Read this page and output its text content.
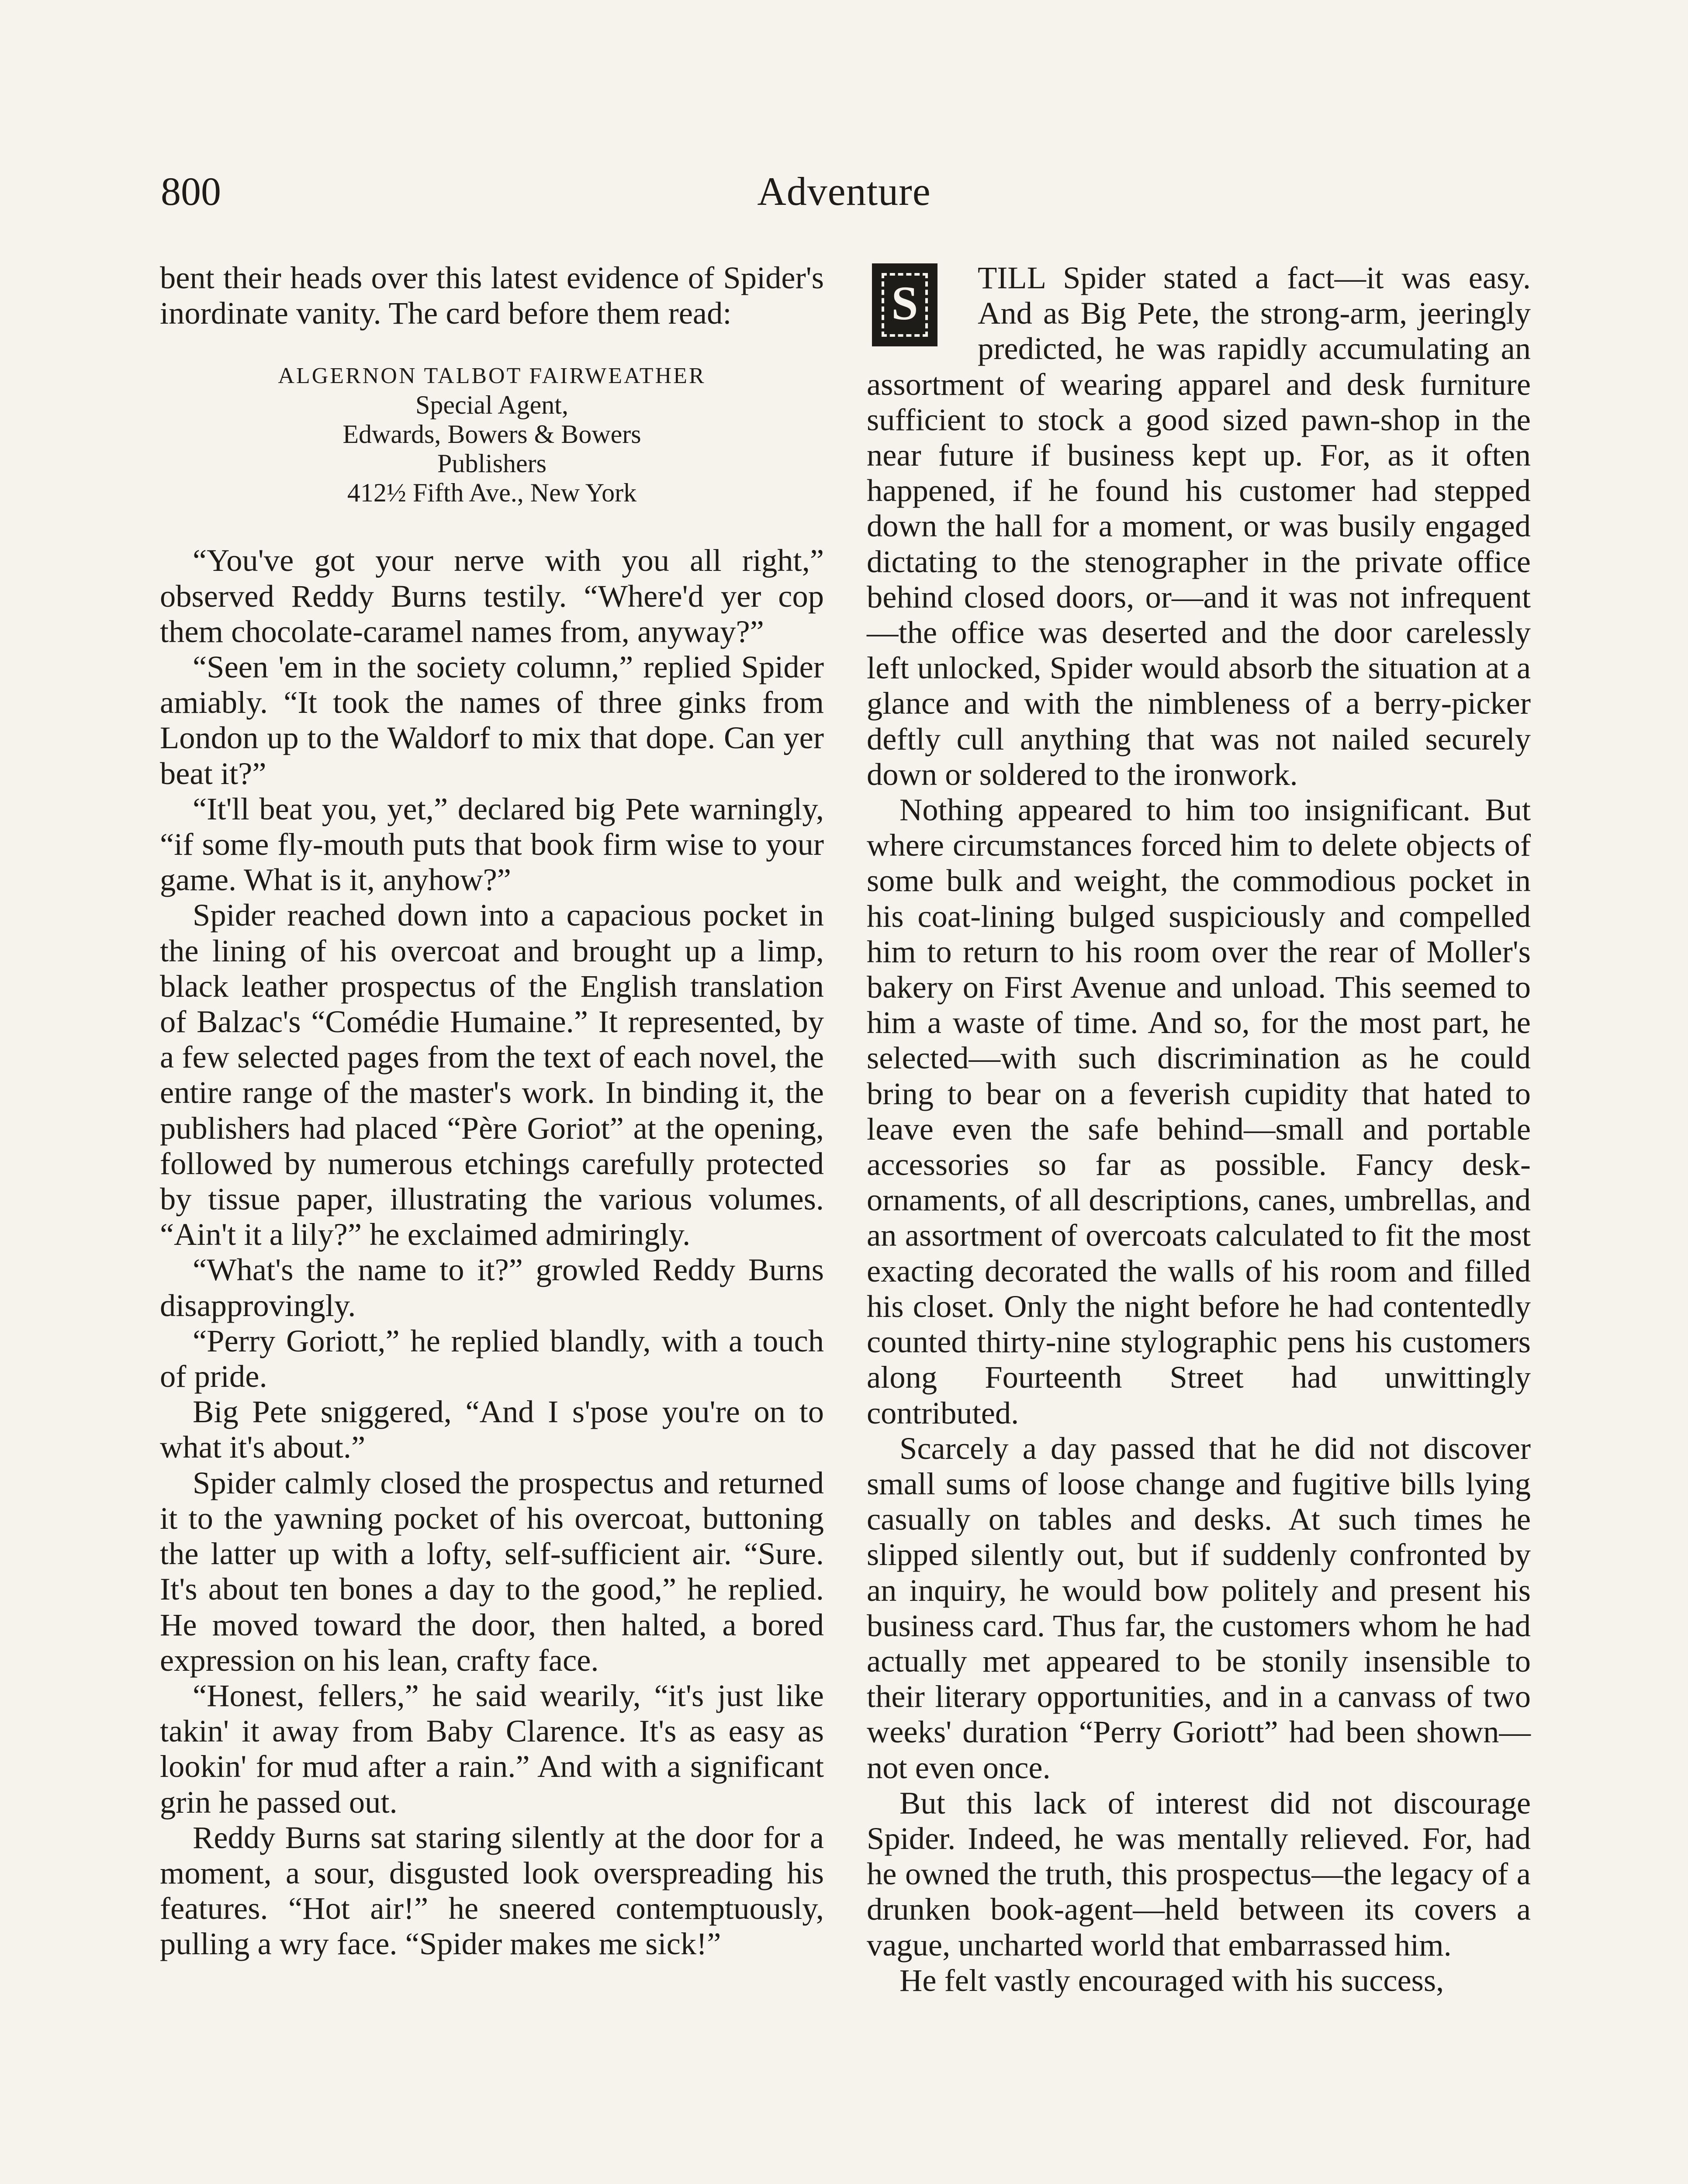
Adventure
800

bent their heads over this latest evidence of Spider's inordinate vanity. The card before them read:

ALGERNON TALBOT FAIRWEATHER
Special Agent,
Edwards, Bowers & Bowers
Publishers
412½ Fifth Ave., New York

“You've got your nerve with you all right,” observed Reddy Burns testily. “Where'd yer cop them chocolate-caramel names from, anyway?”

“Seen 'em in the society column,” replied Spider amiably. “It took the names of three ginks from London up to the Waldorf to mix that dope. Can yer beat it?”

“It'll beat you, yet,” declared big Pete warningly, “if some fly-mouth puts that book firm wise to your game. What is it, anyhow?”

Spider reached down into a capacious pocket in the lining of his overcoat and brought up a limp, black leather prospectus of the English translation of Balzac's “Comédie Humaine.” It represented, by a few selected pages from the text of each novel, the entire range of the master's work. In binding it, the publishers had placed “Père Goriot” at the opening, followed by numerous etchings carefully protected by tissue paper, illustrating the various volumes. “Ain't it a lily?” he exclaimed admiringly.

“What's the name to it?” growled Reddy Burns disapprovingly.

“Perry Goriott,” he replied blandly, with a touch of pride.

Big Pete sniggered, “And I s'pose you're on to what it's about.”

Spider calmly closed the prospectus and returned it to the yawning pocket of his overcoat, buttoning the latter up with a lofty, self-sufficient air. “Sure. It's about ten bones a day to the good,” he replied. He moved toward the door, then halted, a bored expression on his lean, crafty face.

“Honest, fellers,” he said wearily, “it's just like takin' it away from Baby Clarence. It's as easy as lookin' for mud after a rain.” And with a significant grin he passed out.

Reddy Burns sat staring silently at the door for a moment, a sour, disgusted look overspreading his features. “Hot air!” he sneered contemptuously, pulling a wry face. “Spider makes me sick!”

S	TILL Spider stated a fact—it was easy. And as Big Pete, the strong-arm, jeeringly predicted, he was rapidly accumulating an assortment of wearing apparel and desk furniture sufficient to stock a good sized pawn-shop in the near future if business kept up. For, as it often happened, if he found his customer had stepped down the hall for a moment, or was busily engaged dictating to the stenographer in the private office behind closed doors, or—and it was not infrequent—the office was deserted and the door carelessly left unlocked, Spider would absorb the situation at a glance and with the nimbleness of a berry-picker deftly cull anything that was not nailed securely down or soldered to the ironwork.

Nothing appeared to him too insignificant. But where circumstances forced him to delete objects of some bulk and weight, the commodious pocket in his coat-lining bulged suspiciously and compelled him to return to his room over the rear of Moller's bakery on First Avenue and unload. This seemed to him a waste of time. And so, for the most part, he selected—with such discrimination as he could bring to bear on a feverish cupidity that hated to leave even the safe behind—small and portable accessories so far as possible. Fancy desk-ornaments, of all descriptions, canes, umbrellas, and an assortment of overcoats calculated to fit the most exacting decorated the walls of his room and filled his closet. Only the night before he had contentedly counted thirty-nine stylographic pens his customers along Fourteenth Street had unwittingly contributed.

Scarcely a day passed that he did not discover small sums of loose change and fugitive bills lying casually on tables and desks. At such times he slipped silently out, but if suddenly confronted by an inquiry, he would bow politely and present his business card. Thus far, the customers whom he had actually met appeared to be stonily insensible to their literary opportunities, and in a canvass of two weeks' duration “Perry Goriott” had been shown—not even once.

But this lack of interest did not discourage Spider. Indeed, he was mentally relieved. For, had he owned the truth, this prospectus—the legacy of a drunken book-agent—held between its covers a vague, uncharted world that embarrassed him.

He felt vastly encouraged with his success,
